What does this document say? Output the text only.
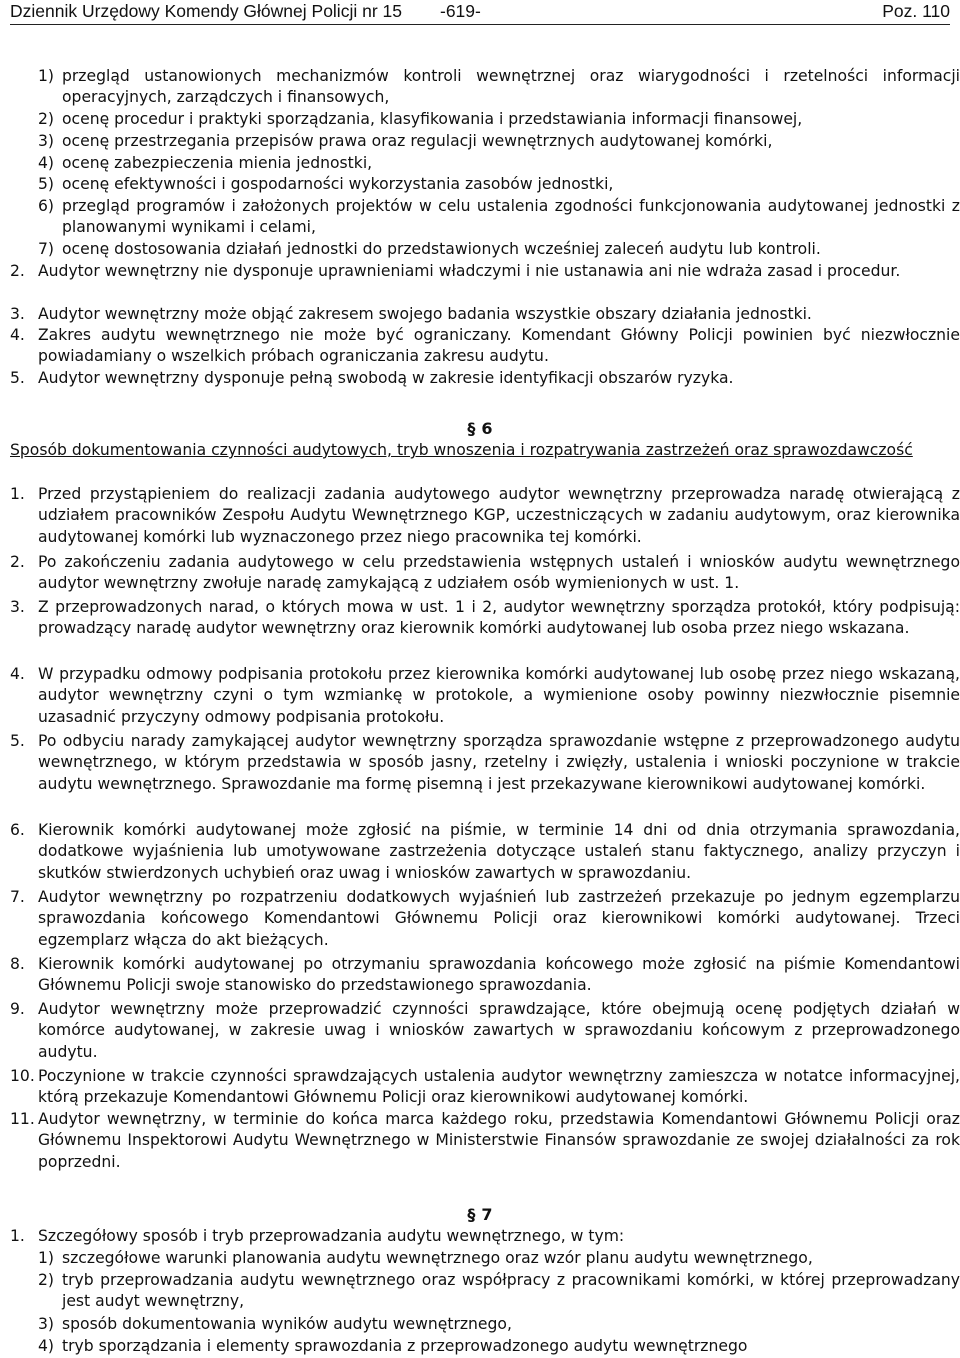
Dziennik Urzędowy Komendy Głównej Policji nr 15 -619-	Poz. 110
1) przegląd ustanowionych mechanizmów kontroli wewnętrznej oraz wiarygodności i rzetelności informacji operacyjnych, zarządczych i finansowych,
2) ocenę procedur i praktyki sporządzania, klasyfikowania i przedstawiania informacji finansowej,
3) ocenę przestrzegania przepisów prawa oraz regulacji wewnętrznych audytowanej komórki,
4) ocenę zabezpieczenia mienia jednostki,
5) ocenę efektywności i gospodarności wykorzystania zasobów jednostki,
6) przegląd programów i założonych projektów w celu ustalenia zgodności funkcjonowania audytowanej jednostki z planowanymi wynikami i celami,
7) ocenę dostosowania działań jednostki do przedstawionych wcześniej zaleceń audytu lub kontroli.
2. Audytor wewnętrzny nie dysponuje uprawnieniami władczymi i nie ustanawia ani nie wdraża zasad i procedur.
3. Audytor wewnętrzny może objąć zakresem swojego badania wszystkie obszary działania jednostki.
4. Zakres audytu wewnętrznego nie może być ograniczany. Komendant Główny Policji powinien być niezwłocznie powiadamiany o wszelkich próbach ograniczania zakresu audytu.
5. Audytor wewnętrzny dysponuje pełną swobodą w zakresie identyfikacji obszarów ryzyka.
§ 6
Sposób dokumentowania czynności audytowych, tryb wnoszenia i rozpatrywania zastrzeżeń oraz sprawozdawczość
1. Przed przystąpieniem do realizacji zadania audytowego audytor wewnętrzny przeprowadza naradę otwierającą z udziałem pracowników Zespołu Audytu Wewnętrznego KGP, uczestniczących w zadaniu audytowym, oraz kierownika audytowanej komórki lub wyznaczonego przez niego pracownika tej komórki.
2. Po zakończeniu zadania audytowego w celu przedstawienia wstępnych ustaleń i wniosków audytu wewnętrznego audytor wewnętrzny zwołuje naradę zamykającą z udziałem osób wymienionych w ust. 1.
3. Z przeprowadzonych narad, o których mowa w ust. 1 i 2, audytor wewnętrzny sporządza protokół, który podpisują: prowadzący naradę audytor wewnętrzny oraz kierownik komórki audytowanej lub osoba przez niego wskazana.
4. W przypadku odmowy podpisania protokołu przez kierownika komórki audytowanej lub osobę przez niego wskazaną, audytor wewnętrzny czyni o tym wzmiankę w protokole, a wymienione osoby powinny niezwłocznie pisemnie uzasadnić przyczyny odmowy podpisania protokołu.
5. Po odbyciu narady zamykającej audytor wewnętrzny sporządza sprawozdanie wstępne z przeprowadzonego audytu wewnętrznego, w którym przedstawia w sposób jasny, rzetelny i zwięzły, ustalenia i wnioski poczynione w trakcie audytu wewnętrznego. Sprawozdanie ma formę pisemną i jest przekazywane kierownikowi audytowanej komórki.
6. Kierownik komórki audytowanej może zgłosić na piśmie, w terminie 14 dni od dnia otrzymania sprawozdania, dodatkowe wyjaśnienia lub umotywowane zastrzeżenia dotyczące ustaleń stanu faktycznego, analizy przyczyn i skutków stwierdzonych uchybień oraz uwag i wniosków zawartych w sprawozdaniu.
7. Audytor wewnętrzny po rozpatrzeniu dodatkowych wyjaśnień lub zastrzeżeń przekazuje po jednym egzemplarzu sprawozdania końcowego Komendantowi Głównemu Policji oraz kierownikowi komórki audytowanej. Trzeci egzemplarz włącza do akt bieżących.
8. Kierownik komórki audytowanej po otrzymaniu sprawozdania końcowego może zgłosić na piśmie Komendantowi Głównemu Policji swoje stanowisko do przedstawionego sprawozdania.
9. Audytor wewnętrzny może przeprowadzić czynności sprawdzające, które obejmują ocenę podjętych działań w komórce audytowanej, w zakresie uwag i wniosków zawartych w sprawozdaniu końcowym z przeprowadzonego audytu.
10. Poczynione w trakcie czynności sprawdzających ustalenia audytor wewnętrzny zamieszcza w notatce informacyjnej, którą przekazuje Komendantowi Głównemu Policji oraz kierownikowi audytowanej komórki.
11. Audytor wewnętrzny, w terminie do końca marca każdego roku, przedstawia Komendantowi Głównemu Policji oraz Głównemu Inspektorowi Audytu Wewnętrznego w Ministerstwie Finansów sprawozdanie ze swojej działalności za rok poprzedni.
§ 7
1. Szczegółowy sposób i tryb przeprowadzania audytu wewnętrznego, w tym:
1) szczegółowe warunki planowania audytu wewnętrznego oraz wzór planu audytu wewnętrznego,
2) tryb przeprowadzania audytu wewnętrznego oraz współpracy z pracownikami komórki, w której przeprowadzany jest audyt wewnętrzny,
3) sposób dokumentowania wyników audytu wewnętrznego,
4) tryb sporządzania i elementy sprawozdania z przeprowadzonego audytu wewnętrznego
